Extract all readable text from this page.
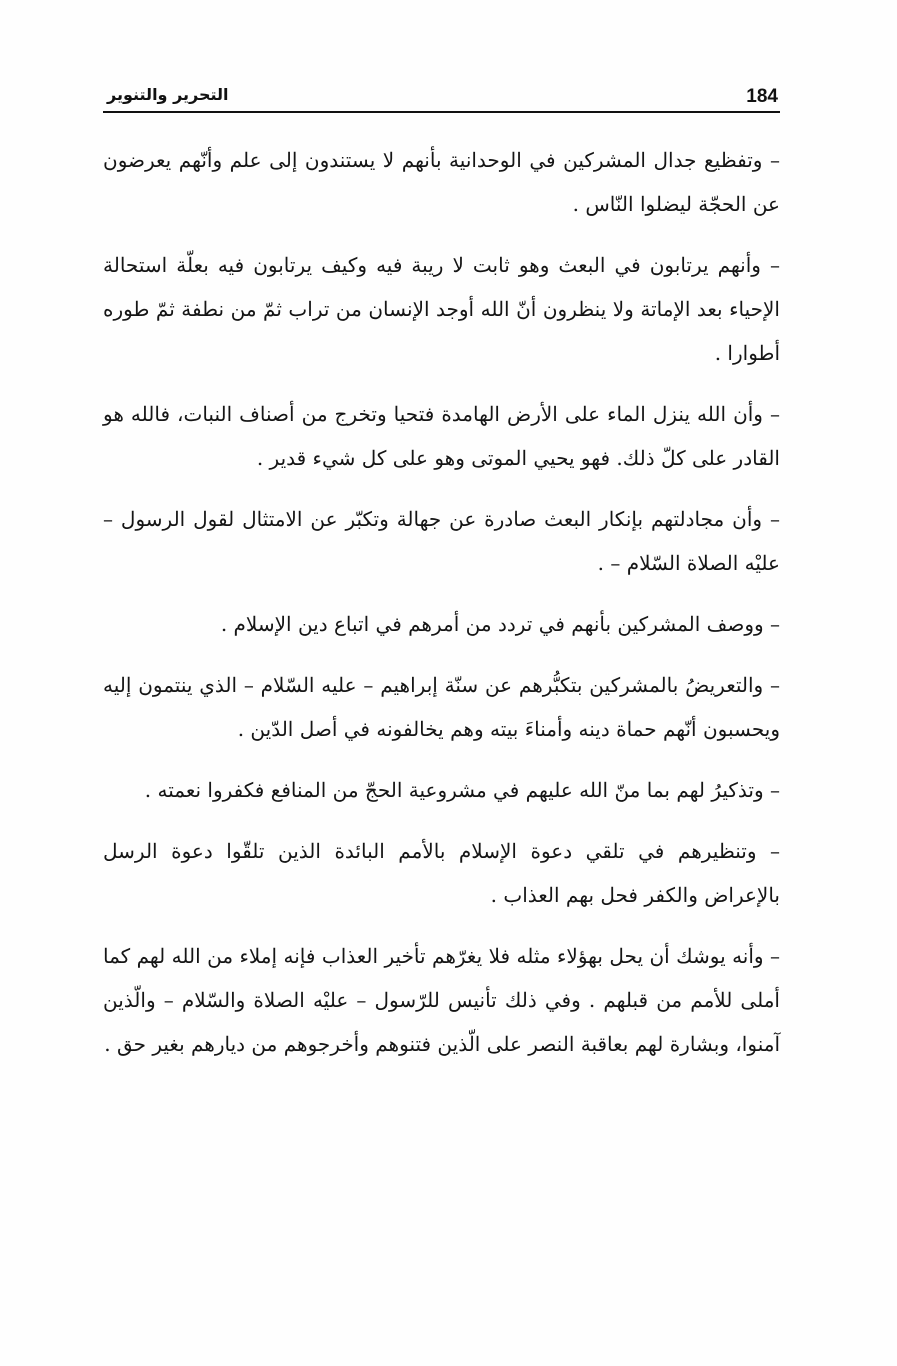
184
التحرير والتنوير

– وتفظيع جدال المشركين في الوحدانية بأنهم لا يستندون إلى علم وأنّهم يعرضون عن الحجّة ليضلوا النّاس .

– وأنهم يرتابون في البعث وهو ثابت لا ريبة فيه وكيف يرتابون فيه بعلّة استحالة الإحياء بعد الإماتة ولا ينظرون أنّ الله أوجد الإنسان من تراب ثمّ من نطفة ثمّ طوره أطوارا .

– وأن الله ينزل الماء على الأرض الهامدة فتحيا وتخرج من أصناف النبات، فالله هو القادر على كلّ ذلك. فهو يحيي الموتى وهو على كل شيء قدير .

– وأن مجادلتهم بإنكار البعث صادرة عن جهالة وتكبّر عن الامتثال لقول الرسول – عليْه الصلاة السّلام – .

– ووصف المشركين بأنهم في تردد من أمرهم في اتباع دين الإسلام .

– والتعريضُ بالمشركين بتكبُّرهم عن سنّة إبراهيم – عليه السّلام – الذي ينتمون إليه ويحسبون أنّهم حماة دينه وأمناءَ بيته وهم يخالفونه في أصل الدّين .

– وتذكيرُ لهم بما منّ الله عليهم في مشروعية الحجّ من المنافع فكفروا نعمته .

– وتنظيرهم في تلقي دعوة الإسلام بالأمم البائدة الذين تلقّوا دعوة الرسل بالإعراض والكفر فحل بهم العذاب .

– وأنه يوشك أن يحل بهؤلاء مثله فلا يغرّهم تأخير العذاب فإنه إملاء من الله لهم كما أملى للأمم من قبلهم . وفي ذلك تأنيس للرّسول – عليْه الصلاة والسّلام – والّذين آمنوا، وبشارة لهم بعاقبة النصر على الّذين فتنوهم وأخرجوهم من ديارهم بغير حق .
